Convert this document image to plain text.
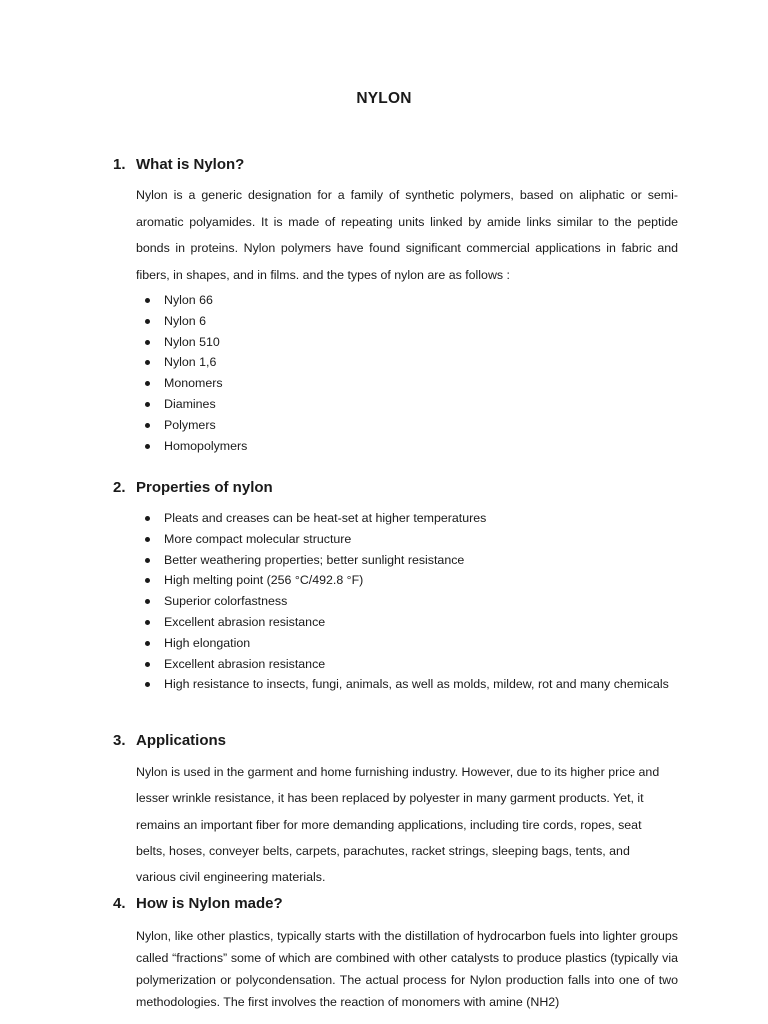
NYLON
1. What is Nylon?

Nylon is a generic designation for a family of synthetic polymers, based on aliphatic or semi-aromatic polyamides. It is made of repeating units linked by amide links similar to the peptide bonds in proteins. Nylon polymers have found significant commercial applications in fabric and fibers, in shapes, and in films. and the types of nylon are as follows :

Nylon 66
Nylon 6
Nylon 510
Nylon 1,6
Monomers
Diamines
Polymers
Homopolymers
2. Properties of nylon
Pleats and creases can be heat-set at higher temperatures
More compact molecular structure
Better weathering properties; better sunlight resistance
High melting point (256 °C/492.8 °F)
Superior colorfastness
Excellent abrasion resistance
High elongation
Excellent abrasion resistance
High resistance to insects, fungi, animals, as well as molds, mildew, rot and many chemicals
3. Applications
Nylon is used in the garment and home furnishing industry. However, due to its higher price and
lesser wrinkle resistance, it has been replaced by polyester in many garment products. Yet, it
remains an important fiber for more demanding applications, including tire cords, ropes, seat
belts, hoses, conveyer belts, carpets, parachutes, racket strings, sleeping bags, tents, and
various civil engineering materials.
4. How is Nylon made?

Nylon, like other plastics, typically starts with the distillation of hydrocarbon fuels into lighter groups called “fractions” some of which are combined with other catalysts to produce plastics (typically via polymerization or polycondensation. The actual process for Nylon production falls into one of two methodologies. The first involves the reaction of monomers with amine (NH2)
